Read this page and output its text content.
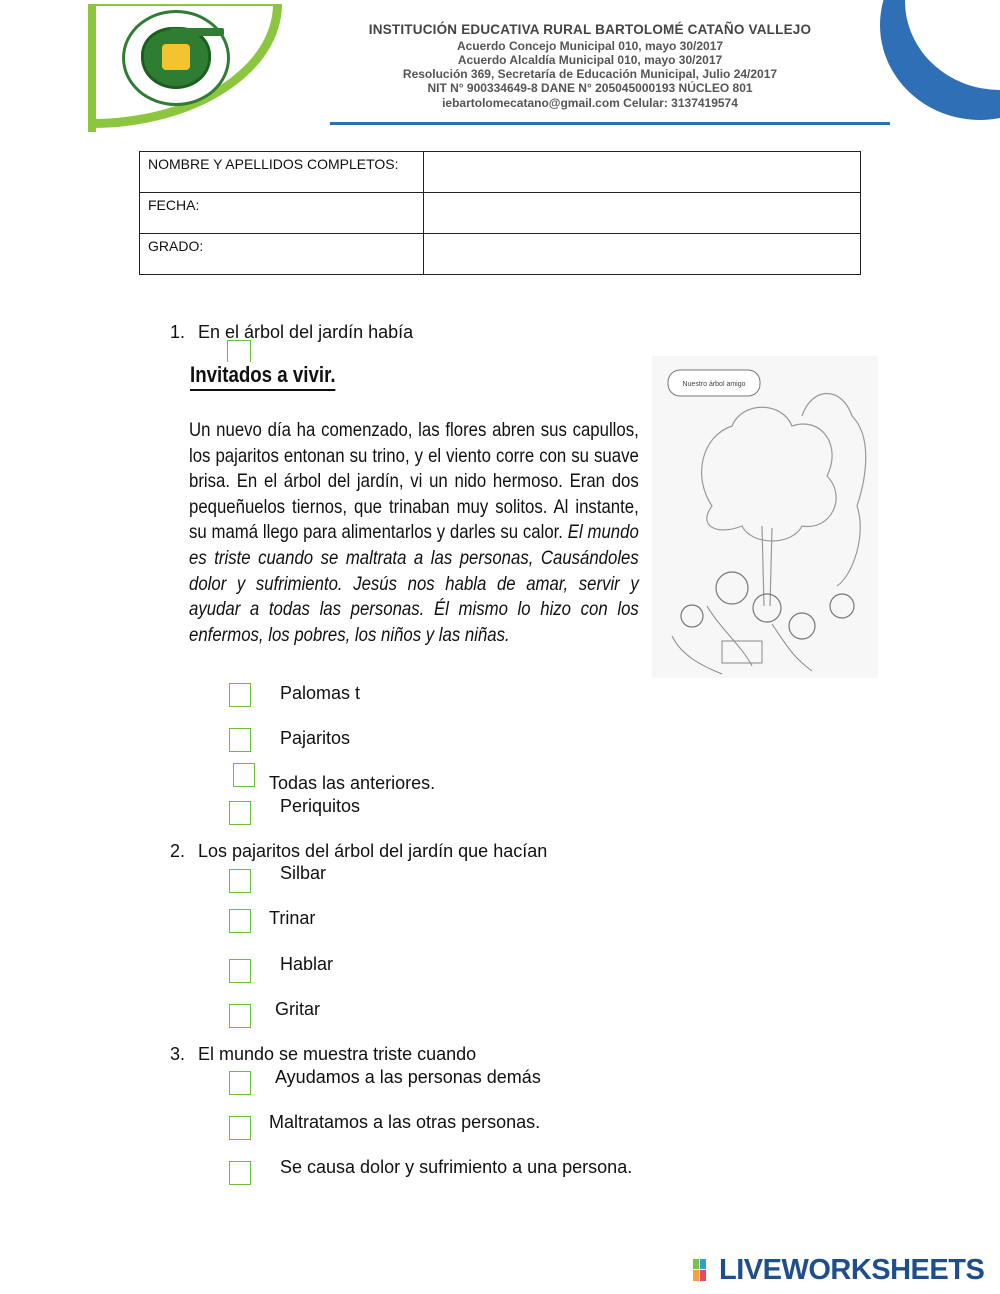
INSTITUCIÓN EDUCATIVA RURAL BARTOLOMÉ CATAÑO VALLEJO
Acuerdo Concejo Municipal 010, mayo 30/2017
Acuerdo Alcaldía Municipal 010, mayo 30/2017
Resolución 369, Secretaría de Educación Municipal, Julio 24/2017
NIT N° 900334649-8 DANE N° 205045000193 NÚCLEO 801
iebartolomecatano@gmail.com Celular: 3137419574
NOMBRE Y APELLIDOS COMPLETOS:	
FECHA:	
GRADO:	
1. En el árbol del jardín había
Invitados a vivir.
Un nuevo día ha comenzado, las flores abren sus capullos, los pajaritos entonan su trino, y el viento corre con su suave brisa. En el árbol del jardín, vi un nido hermoso. Eran dos pequeñuelos tiernos, que trinaban muy solitos. Al instante, su mamá llego para alimentarlos y darles su calor. El mundo es triste cuando se maltrata a las personas, Causándoles dolor y sufrimiento. Jesús nos habla de amar, servir y ayudar a todas las personas. Él mismo lo hizo con los enfermos, los pobres, los niños y las niñas.
Nuestro árbol amigo
Palomas t
Pajaritos
Todas las anteriores.
Periquitos
2. Los pajaritos del árbol del jardín que hacían
Silbar
Trinar
Hablar
Gritar
3. El mundo se muestra triste cuando
Ayudamos a las personas demás
Maltratamos a las otras personas.
Se causa dolor y sufrimiento a una persona.
LIVEWORKSHEETS
